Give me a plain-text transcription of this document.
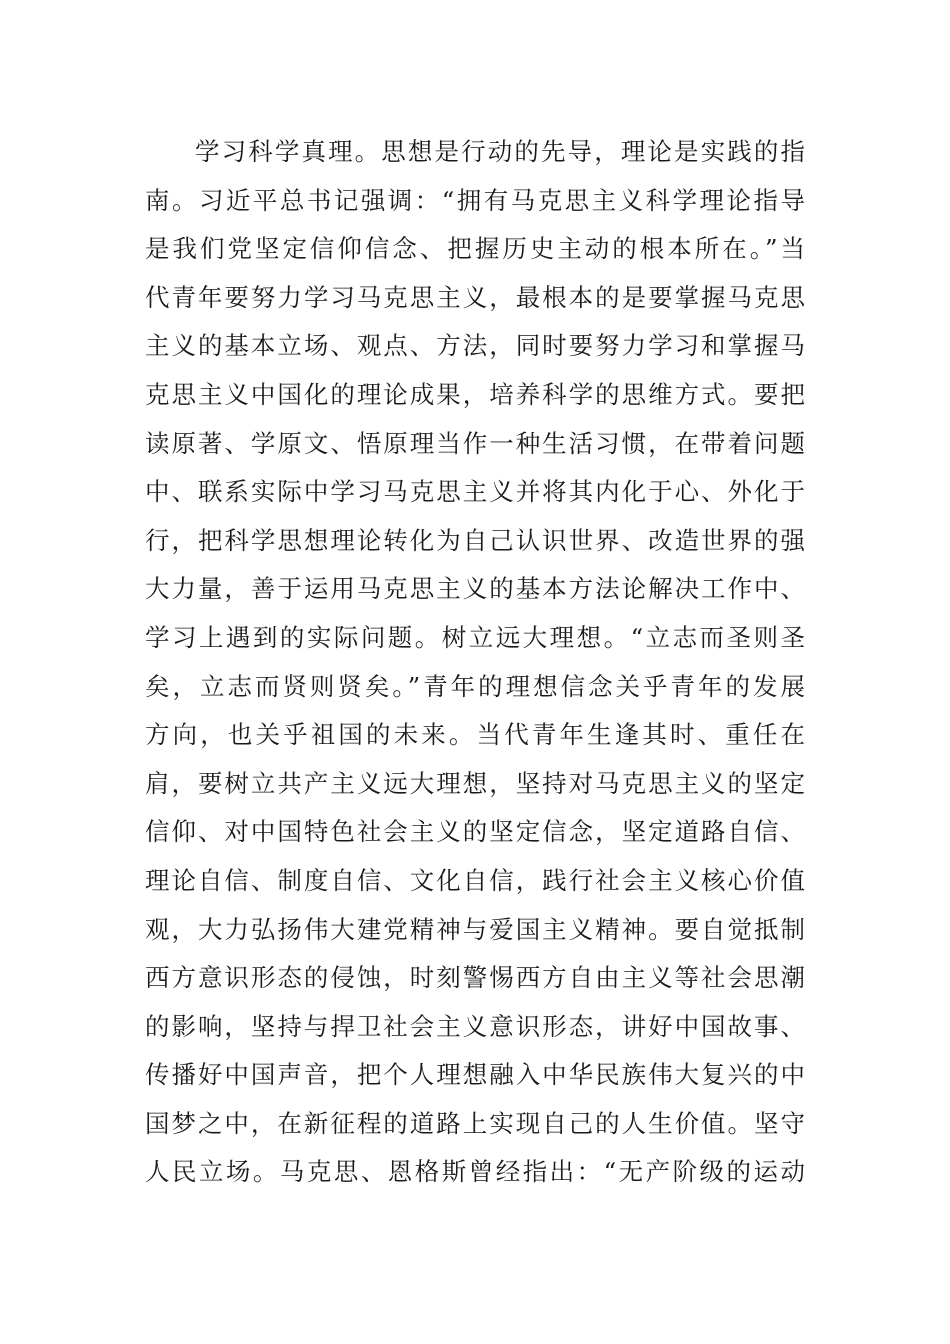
学习科学真理。思想是行动的先导，理论是实践的指
南。习近平总书记强调：“拥有马克思主义科学理论指导
是我们党坚定信仰信念、把握历史主动的根本所在。”当
代青年要努力学习马克思主义，最根本的是要掌握马克思
主义的基本立场、观点、方法，同时要努力学习和掌握马
克思主义中国化的理论成果，培养科学的思维方式。要把
读原著、学原文、悟原理当作一种生活习惯，在带着问题
中、联系实际中学习马克思主义并将其内化于心、外化于
行，把科学思想理论转化为自己认识世界、改造世界的强
大力量，善于运用马克思主义的基本方法论解决工作中、
学习上遇到的实际问题。树立远大理想。“立志而圣则圣
矣，立志而贤则贤矣。”青年的理想信念关乎青年的发展
方向，也关乎祖国的未来。当代青年生逢其时、重任在
肩，要树立共产主义远大理想，坚持对马克思主义的坚定
信仰、对中国特色社会主义的坚定信念，坚定道路自信、
理论自信、制度自信、文化自信，践行社会主义核心价值
观，大力弘扬伟大建党精神与爱国主义精神。要自觉抵制
西方意识形态的侵蚀，时刻警惕西方自由主义等社会思潮
的影响，坚持与捍卫社会主义意识形态，讲好中国故事、
传播好中国声音，把个人理想融入中华民族伟大复兴的中
国梦之中，在新征程的道路上实现自己的人生价值。坚守
人民立场。马克思、恩格斯曾经指出：“无产阶级的运动
